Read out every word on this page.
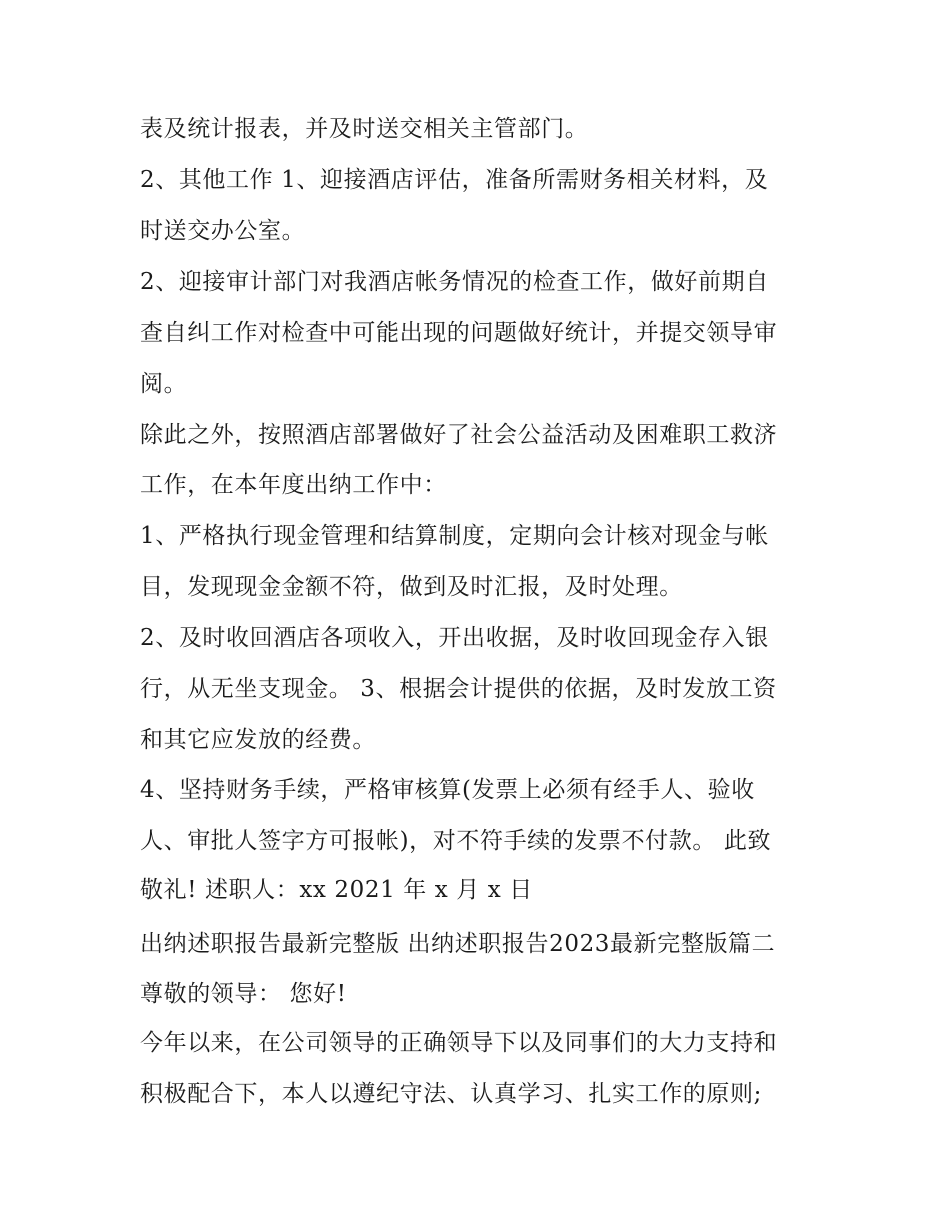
表及统计报表，并及时送交相关主管部门。
2、其他工作 1、迎接酒店评估，准备所需财务相关材料，及
时送交办公室。
2、迎接审计部门对我酒店帐务情况的检查工作，做好前期自
查自纠工作对检查中可能出现的问题做好统计，并提交领导审
阅。
除此之外，按照酒店部署做好了社会公益活动及困难职工救济
工作，在本年度出纳工作中：
1、严格执行现金管理和结算制度，定期向会计核对现金与帐
目，发现现金金额不符，做到及时汇报，及时处理。
2、及时收回酒店各项收入，开出收据，及时收回现金存入银
行，从无坐支现金。 3、根据会计提供的依据，及时发放工资
和其它应发放的经费。
4、坚持财务手续，严格审核算(发票上必须有经手人、验收
人、审批人签字方可报帐)，对不符手续的发票不付款。 此致
敬礼! 述职人：xx 2021 年 x 月 x 日
出纳述职报告最新完整版 出纳述职报告2023最新完整版篇二
尊敬的领导： 您好!
今年以来，在公司领导的正确领导下以及同事们的大力支持和
积极配合下，本人以遵纪守法、认真学习、扎实工作的原则;
